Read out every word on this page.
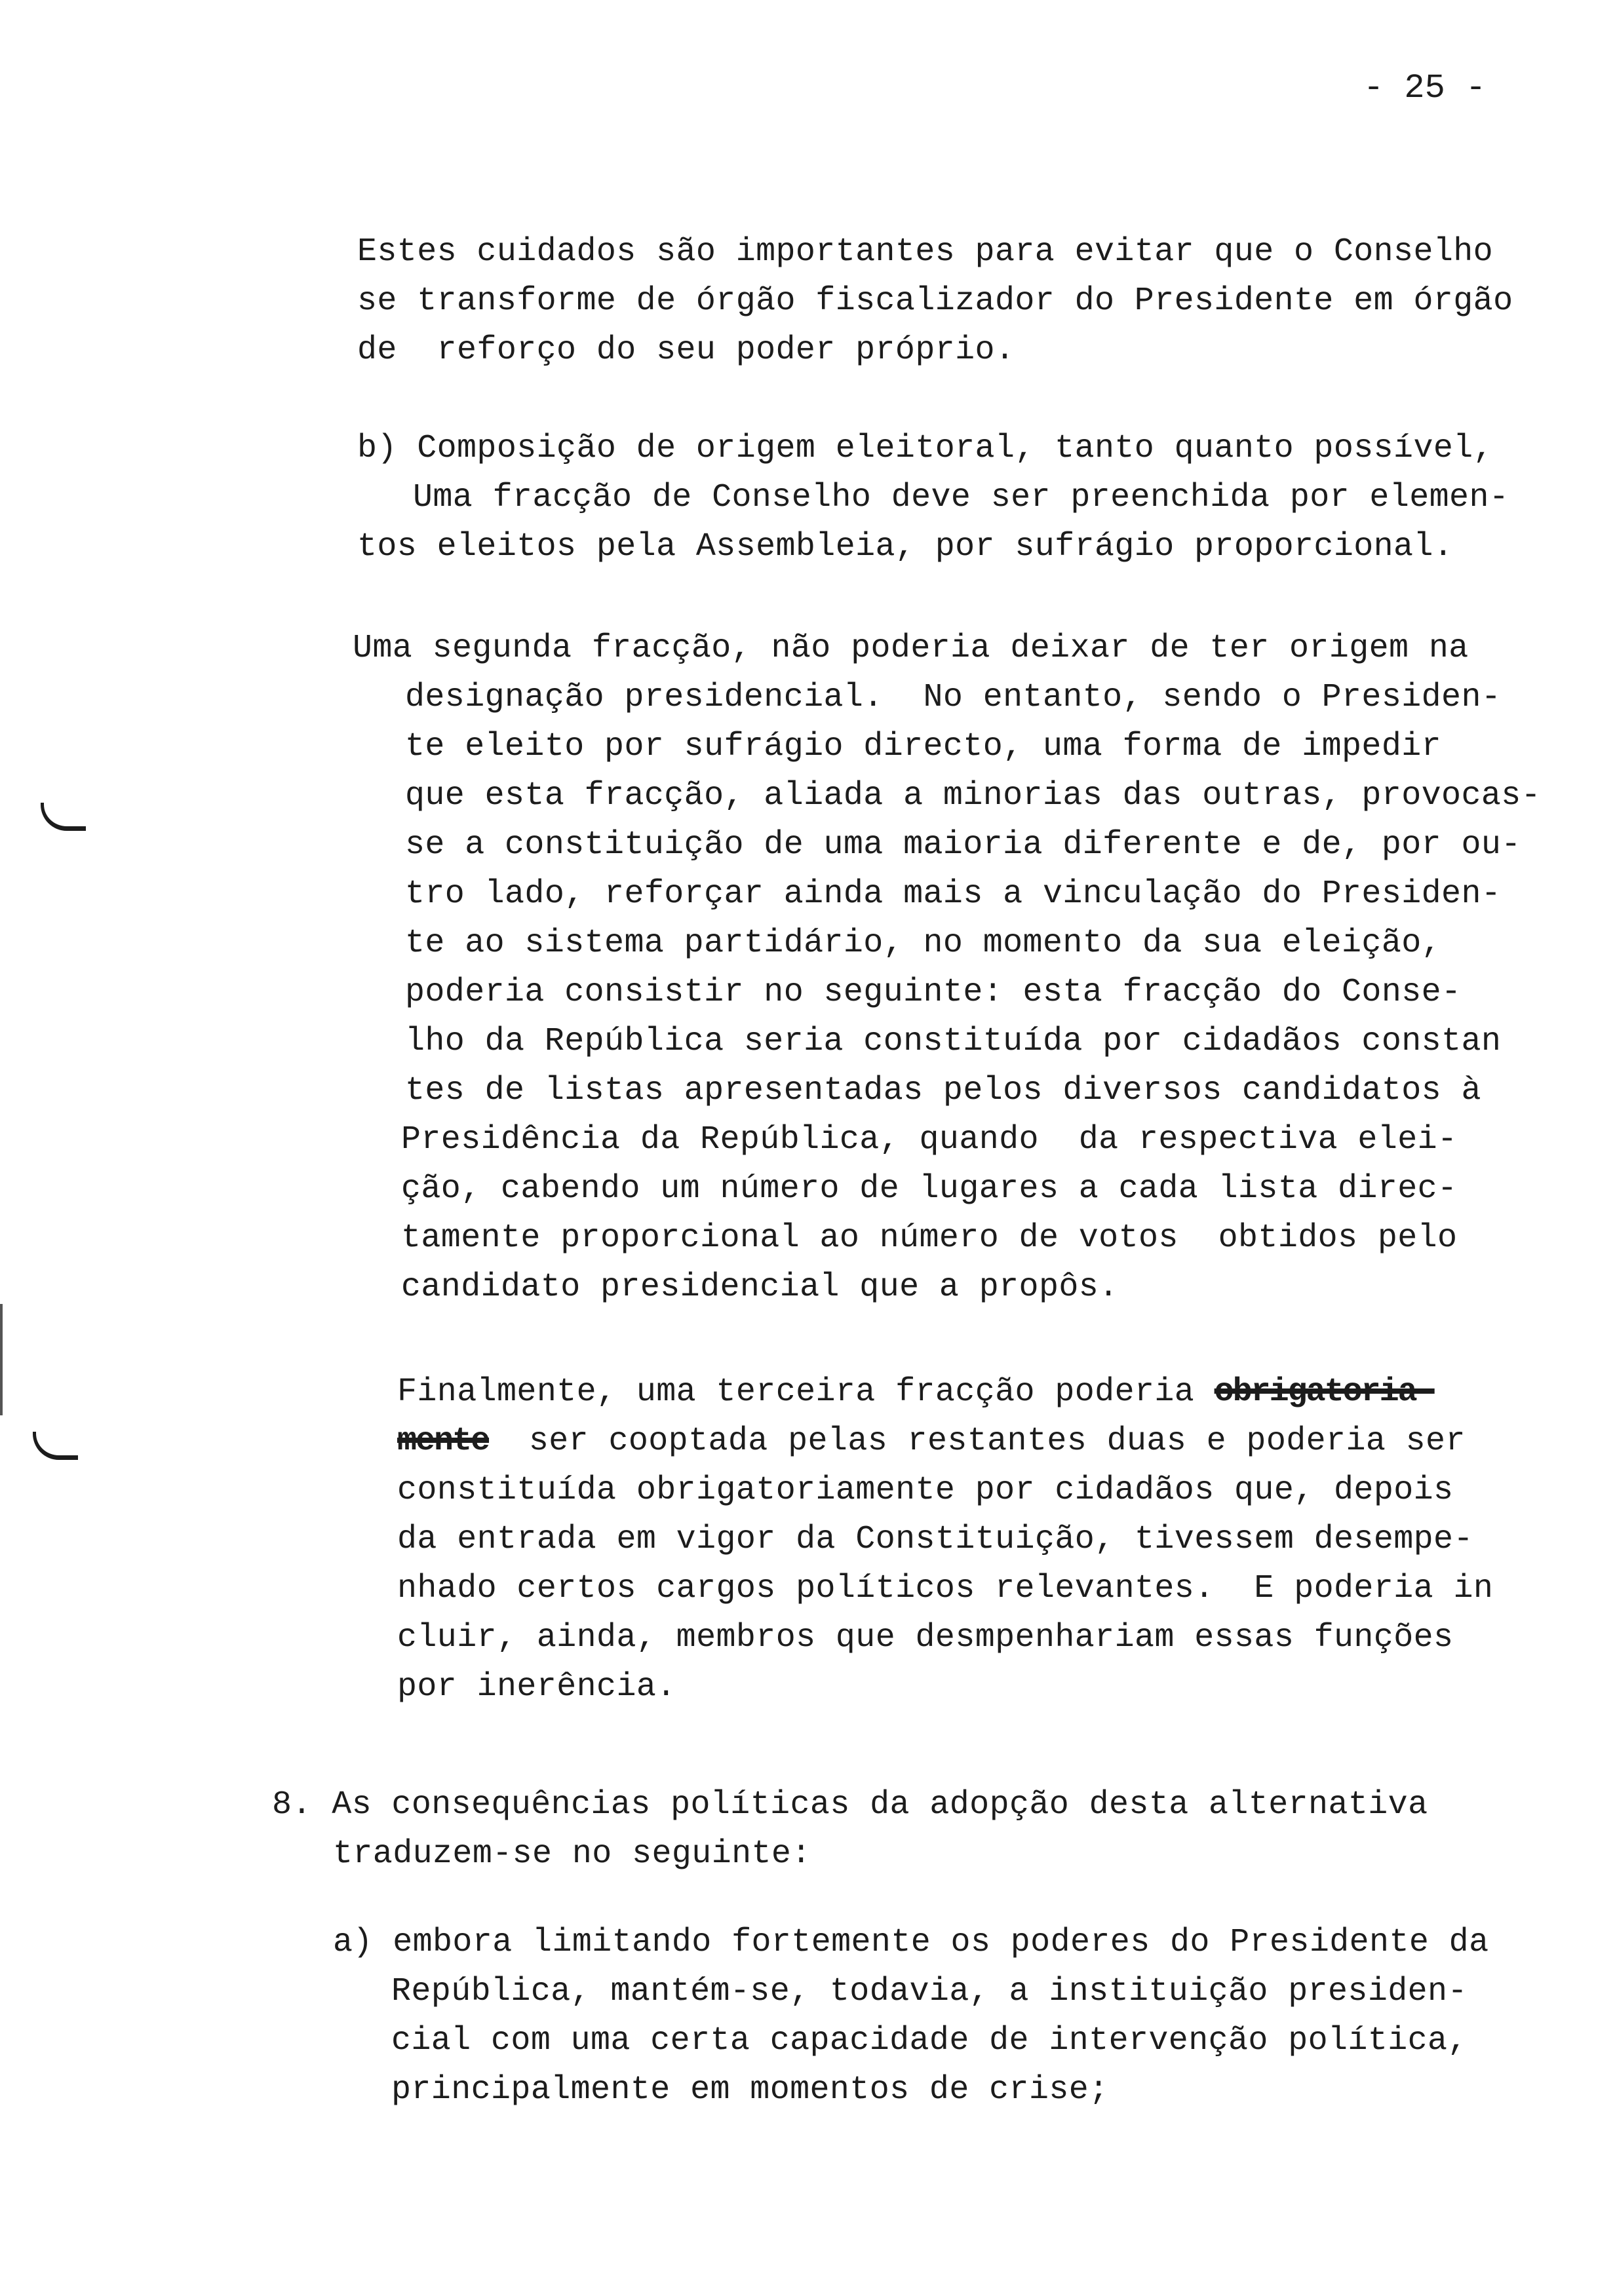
- 25 -
Estes cuidados são importantes para evitar que o Conselho
se transforme de órgão fiscalizador do Presidente em órgão
de  reforço do seu poder próprio.
b) Composição de origem eleitoral, tanto quanto possível,
Uma fracção de Conselho deve ser preenchida por elemen-
tos eleitos pela Assembleia, por sufrágio proporcional.
Uma segunda fracção, não poderia deixar de ter origem na
designação presidencial.  No entanto, sendo o Presiden-
te eleito por sufrágio directo, uma forma de impedir
que esta fracção, aliada a minorias das outras, provocas-
se a constituição de uma maioria diferente e de, por ou-
tro lado, reforçar ainda mais a vinculação do Presiden-
te ao sistema partidário, no momento da sua eleição,
poderia consistir no seguinte: esta fracção do Conse-
lho da República seria constituída por cidadãos constan
tes de listas apresentadas pelos diversos candidatos à
Presidência da República, quando  da respectiva elei-
ção, cabendo um número de lugares a cada lista direc-
tamente proporcional ao número de votos  obtidos pelo
candidato presidencial que a propôs.
Finalmente, uma terceira fracção poderia obrigatoria-
mente  ser cooptada pelas restantes duas e poderia ser
constituída obrigatoriamente por cidadãos que, depois
da entrada em vigor da Constituição, tivessem desempe-
nhado certos cargos políticos relevantes.  E poderia in
cluir, ainda, membros que desmpenhariam essas funções
por inerência.
8. As consequências políticas da adopção desta alternativa
traduzem-se no seguinte:
a) embora limitando fortemente os poderes do Presidente da
República, mantém-se, todavia, a instituição presiden-
cial com uma certa capacidade de intervenção política,
principalmente em momentos de crise;
